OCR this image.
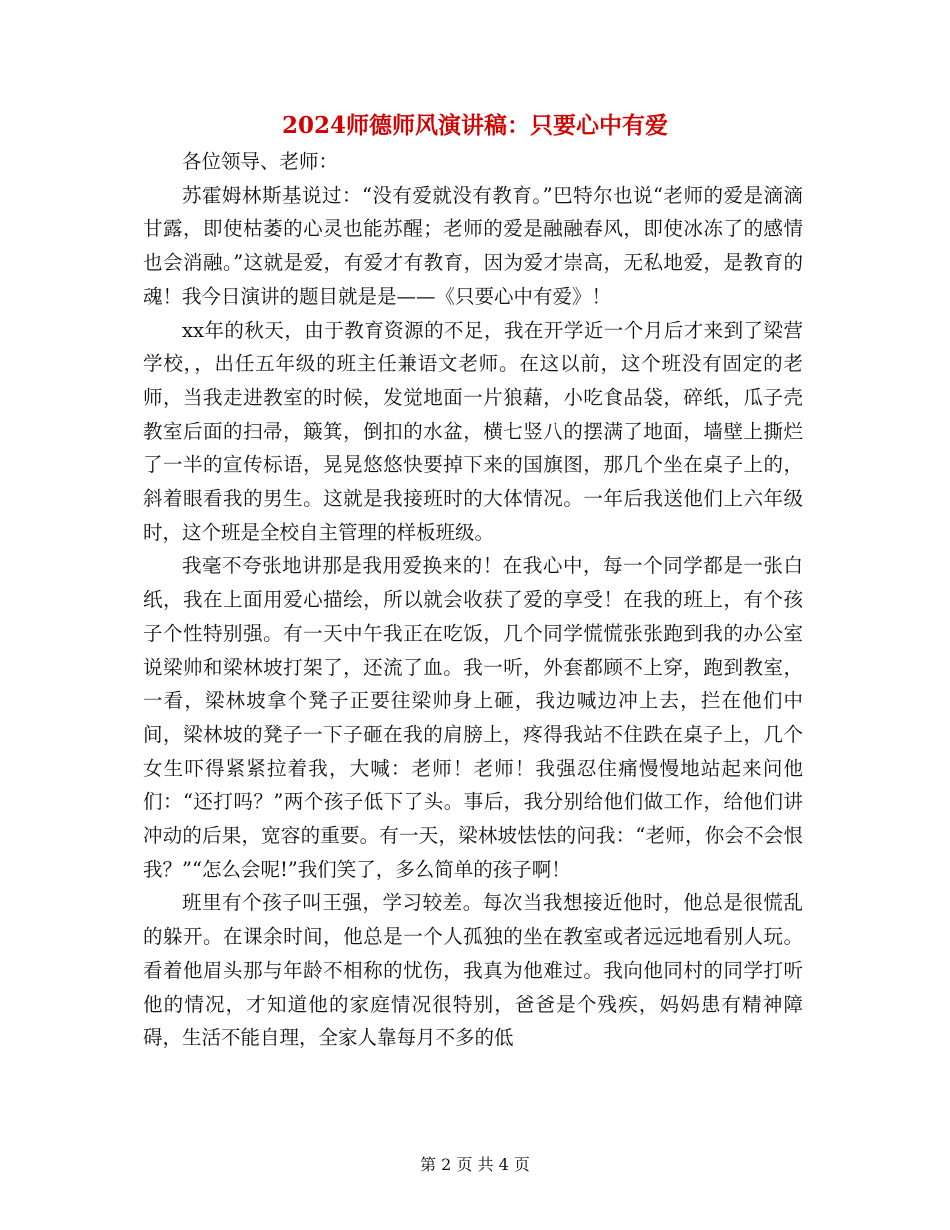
2024师德师风演讲稿：只要心中有爱

各位领导、老师：

苏霍姆林斯基说过：“没有爱就没有教育。”巴特尔也说“老师的爱是滴滴甘露，即使枯萎的心灵也能苏醒；老师的爱是融融春风，即使冰冻了的感情也会消融。”这就是爱，有爱才有教育，因为爱才崇高，无私地爱，是教育的魂！我今日演讲的题目就是是——《只要心中有爱》！

xx年的秋天，由于教育资源的不足，我在开学近一个月后才来到了梁营学校，，出任五年级的班主任兼语文老师。在这以前，这个班没有固定的老师，当我走进教室的时候，发觉地面一片狼藉，小吃食品袋，碎纸，瓜子壳教室后面的扫帚，簸箕，倒扣的水盆，横七竖八的摆满了地面，墙壁上撕烂了一半的宣传标语，晃晃悠悠快要掉下来的国旗图，那几个坐在桌子上的，斜着眼看我的男生。这就是我接班时的大体情况。一年后我送他们上六年级时，这个班是全校自主管理的样板班级。

我毫不夸张地讲那是我用爱换来的！在我心中，每一个同学都是一张白纸，我在上面用爱心描绘，所以就会收获了爱的享受！在我的班上，有个孩子个性特别强。有一天中午我正在吃饭，几个同学慌慌张张跑到我的办公室说梁帅和梁林坡打架了，还流了血。我一听，外套都顾不上穿，跑到教室，一看，梁林坡拿个凳子正要往梁帅身上砸，我边喊边冲上去，拦在他们中间，梁林坡的凳子一下子砸在我的肩膀上，疼得我站不住跌在桌子上，几个女生吓得紧紧拉着我，大喊：老师！老师！我强忍住痛慢慢地站起来问他们：“还打吗？”两个孩子低下了头。事后，我分别给他们做工作，给他们讲冲动的后果，宽容的重要。有一天，梁林坡怯怯的问我：“老师，你会不会恨我？”“怎么会呢!”我们笑了，多么简单的孩子啊！

班里有个孩子叫王强，学习较差。每次当我想接近他时，他总是很慌乱的躲开。在课余时间，他总是一个人孤独的坐在教室或者远远地看别人玩。看着他眉头那与年龄不相称的忧伤，我真为他难过。我向他同村的同学打听他的情况，才知道他的家庭情况很特别，爸爸是个残疾，妈妈患有精神障碍，生活不能自理，全家人靠每月不多的低

第 2 页 共 4 页
